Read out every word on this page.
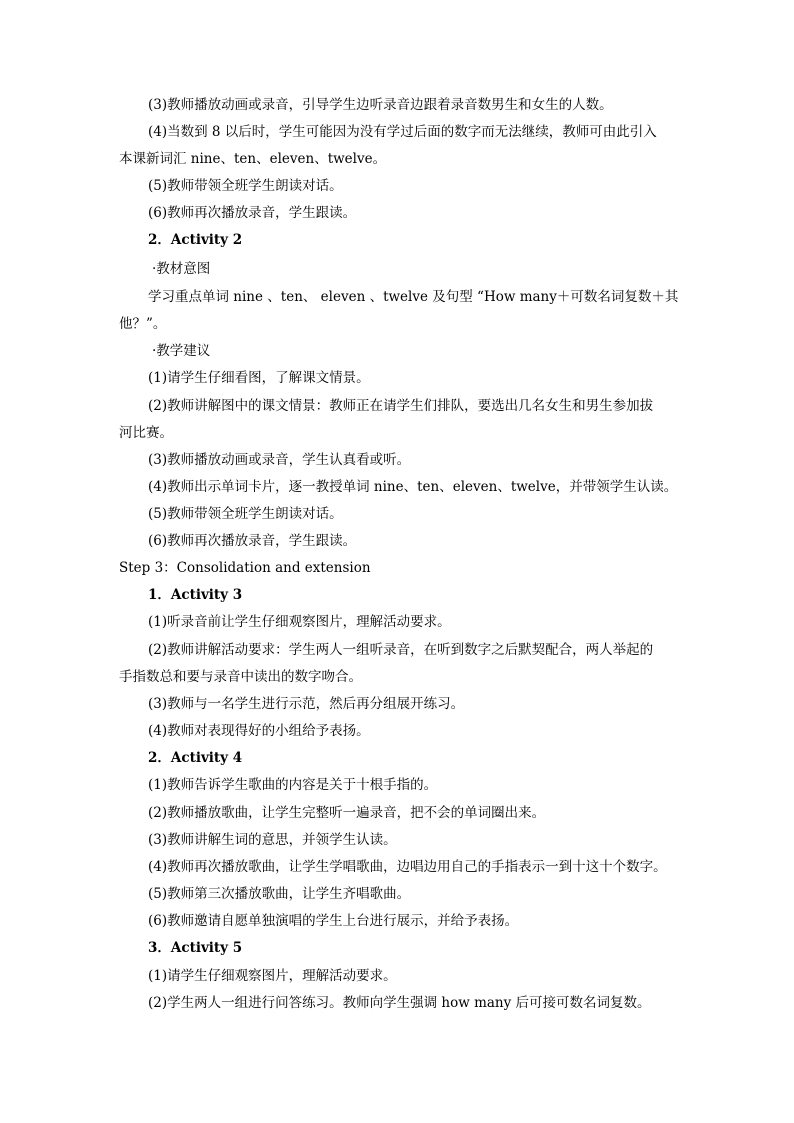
(3)教师播放动画或录音，引导学生边听录音边跟着录音数男生和女生的人数。
(4)当数到 8 以后时，学生可能因为没有学过后面的数字而无法继续，教师可由此引入
本课新词汇 nine、ten、eleven、twelve。
(5)教师带领全班学生朗读对话。
(6)教师再次播放录音，学生跟读。
2．Activity 2
·教材意图
学习重点单词 nine 、ten、 eleven 、twelve 及句型 “How many＋可数名词复数＋其
他？”。
·教学建议
(1)请学生仔细看图，了解课文情景。
(2)教师讲解图中的课文情景：教师正在请学生们排队，要选出几名女生和男生参加拔
河比赛。
(3)教师播放动画或录音，学生认真看或听。
(4)教师出示单词卡片，逐一教授单词 nine、ten、eleven、twelve，并带领学生认读。
(5)教师带领全班学生朗读对话。
(6)教师再次播放录音，学生跟读。
Step 3：Consolidation and extension
1．Activity 3
(1)听录音前让学生仔细观察图片，理解活动要求。
(2)教师讲解活动要求：学生两人一组听录音，在听到数字之后默契配合，两人举起的
手指数总和要与录音中读出的数字吻合。
(3)教师与一名学生进行示范，然后再分组展开练习。
(4)教师对表现得好的小组给予表扬。
2．Activity 4
(1)教师告诉学生歌曲的内容是关于十根手指的。
(2)教师播放歌曲，让学生完整听一遍录音，把不会的单词圈出来。
(3)教师讲解生词的意思，并领学生认读。
(4)教师再次播放歌曲，让学生学唱歌曲，边唱边用自己的手指表示一到十这十个数字。
(5)教师第三次播放歌曲，让学生齐唱歌曲。
(6)教师邀请自愿单独演唱的学生上台进行展示，并给予表扬。
3．Activity 5
(1)请学生仔细观察图片，理解活动要求。
(2)学生两人一组进行问答练习。教师向学生强调 how many 后可接可数名词复数。
